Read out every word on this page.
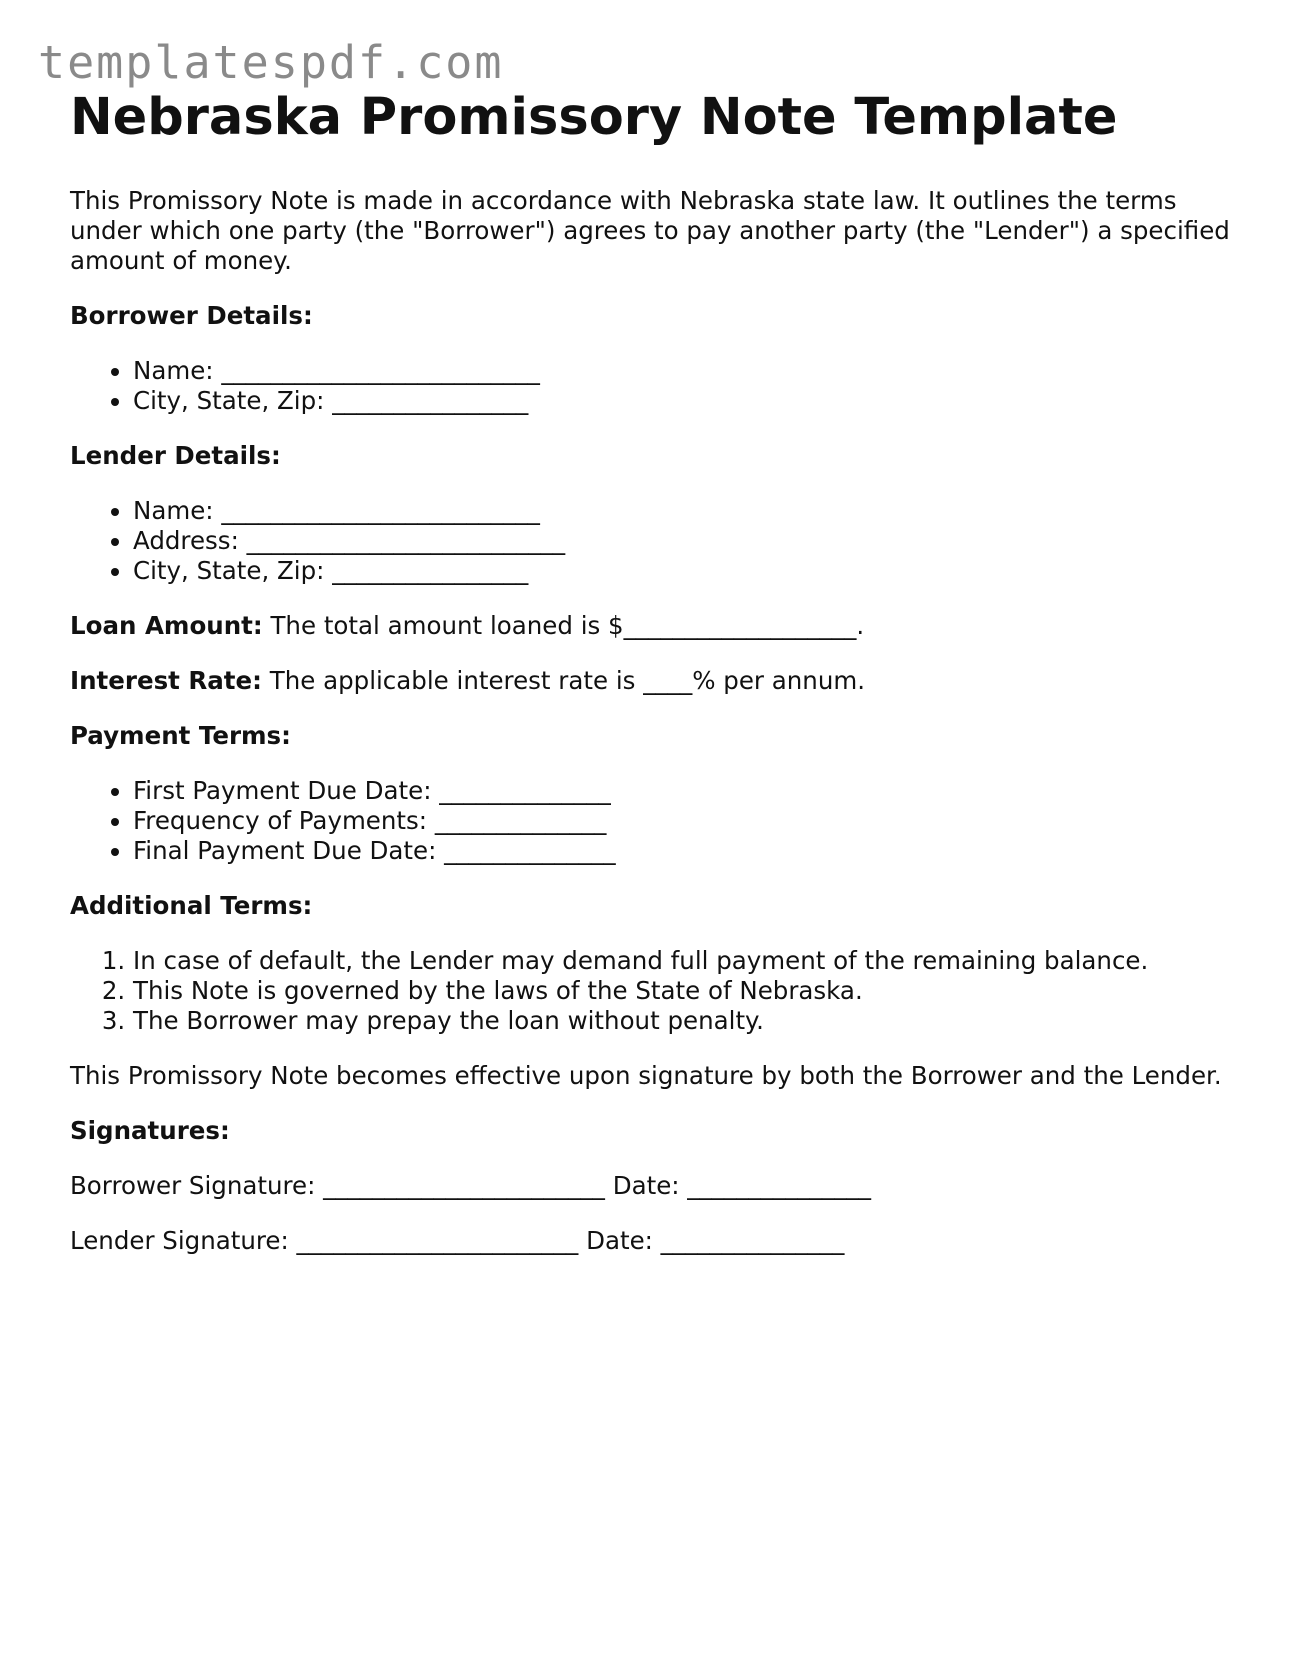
templatespdf.com
Nebraska Promissory Note Template

This Promissory Note is made in accordance with Nebraska state law. It outlines the terms under which one party (the "Borrower") agrees to pay another party (the "Lender") a specified amount of money.

Borrower Details:
• Name: __________________________
• City, State, Zip: ________________
Lender Details:
• Name: __________________________
• Address: __________________________
• City, State, Zip: ________________

Loan Amount: The total amount loaned is $___________________.

Interest Rate: The applicable interest rate is ____% per annum.

Payment Terms:
• First Payment Due Date: ______________
• Frequency of Payments: ______________
• Final Payment Due Date: ______________
Additional Terms:
1. In case of default, the Lender may demand full payment of the remaining balance.
2. This Note is governed by the laws of the State of Nebraska.
3. The Borrower may prepay the loan without penalty.

This Promissory Note becomes effective upon signature by both the Borrower and the Lender.

Signatures:

Borrower Signature: _______________________ Date: _______________

Lender Signature: _______________________ Date: _______________
